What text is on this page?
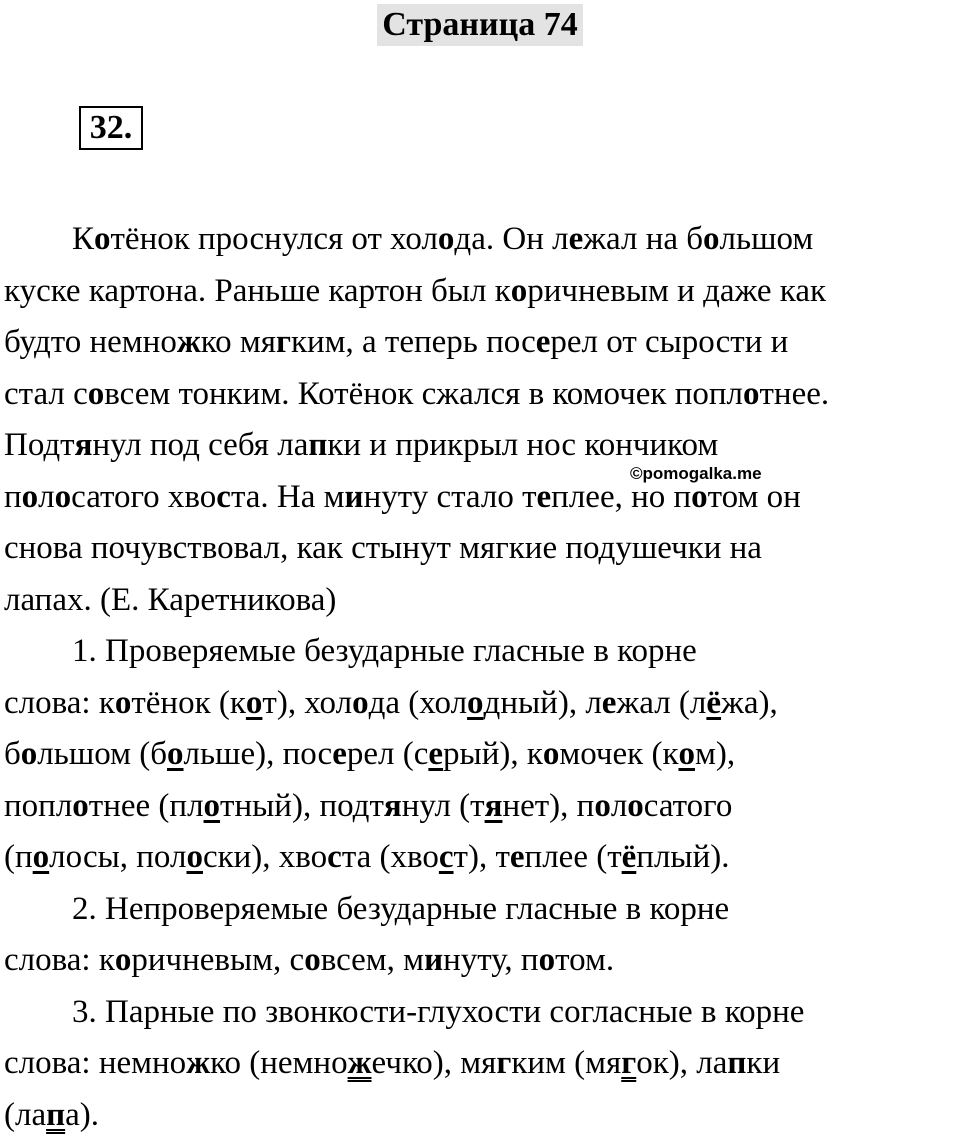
Страница 74
32.
©pomogalka.me
Котёнок проснулся от холода. Он лежал на большом
куске картона. Раньше картон был коричневым и даже как
будто немножко мягким, а теперь посерел от сырости и
стал совсем тонким. Котёнок сжался в комочек поплотнее.
Подтянул под себя лапки и прикрыл нос кончиком
полосатого хвоста. На минуту стало теплее, но потом он
снова почувствовал, как стынут мягкие подушечки на
лапах. (Е. Каретникова)
1. Проверяемые безударные гласные в корне
слова: котёнок (кот), холода (холодный), лежал (лёжа),
большом (больше), посерел (серый), комочек (ком),
поплотнее (плотный), подтянул (тянет), полосатого
(полосы, полоски), хвоста (хвост), теплее (тёплый).
2. Непроверяемые безударные гласные в корне
слова: коричневым, совсем, минуту, потом.
3. Парные по звонкости-глухости согласные в корне
слова: немножко (немножечко), мягким (мягок), лапки
(лапа).
